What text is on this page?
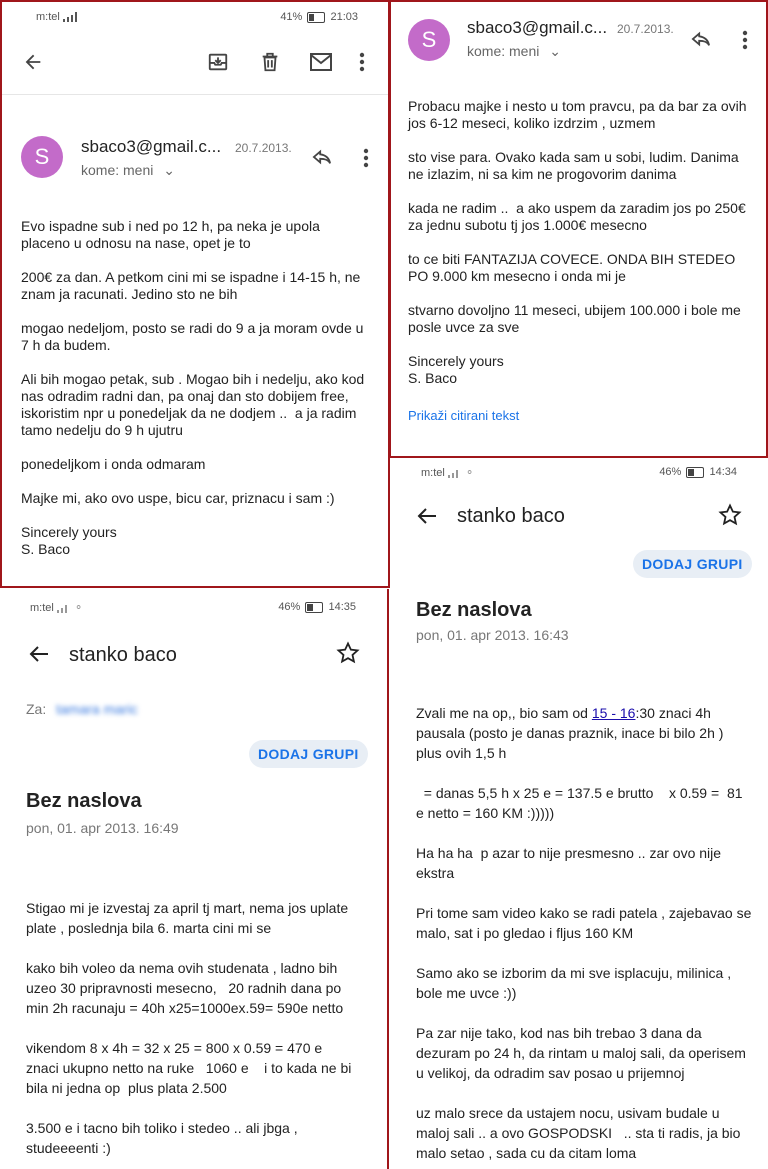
m:tel	41%	21:03
S	sbaco3@gmail.c... 20.7.2013.
kome: meni ⌄

Evo ispadne sub i ned po 12 h, pa neka je upola placeno u odnosu na nase, opet je to

200€ za dan. A petkom cini mi se ispadne i 14-15 h, ne znam ja racunati. Jedino sto ne bih

mogao nedeljom, posto se radi do 9 a ja moram ovde u 7 h da budem.

Ali bih mogao petak, sub . Mogao bih i nedelju, ako kod nas odradim radni dan, pa onaj dan sto dobijem free, iskoristim npr u ponedeljak da ne dodjem ..  a ja radim tamo nedelju do 9 h ujutru

ponedeljkom i onda odmaram

Majke mi, ako ovo uspe, bicu car, priznacu i sam :)

Sincerely yours
S. Baco
S	sbaco3@gmail.c... 20.7.2013.
kome: meni ⌄

Probacu majke i nesto u tom pravcu, pa da bar za ovih jos 6-12 meseci, koliko izdrzim , uzmem

sto vise para. Ovako kada sam u sobi, ludim. Danima ne izlazim, ni sa kim ne progovorim danima

kada ne radim ..  a ako uspem da zaradim jos po 250€ za jednu subotu tj jos 1.000€ mesecno

to ce biti FANTAZIJA COVECE. ONDA BIH STEDEO PO 9.000 km mesecno i onda mi je

stvarno dovoljno 11 meseci, ubijem 100.000 i bole me posle uvce za sve

Sincerely yours
S. Baco
Prikaži citirani tekst
m:tel ⚬	46%	14:35
stanko baco
Za: tamara maric
DODAJ GRUPI
Bez naslova
pon, 01. apr 2013. 16:49

Stigao mi je izvestaj za april tj mart, nema jos uplate plate , poslednja bila 6. marta cini mi se

kako bih voleo da nema ovih studenata , ladno bih uzeo 30 pripravnosti mesecno,   20 radnih dana po min 2h racunaju = 40h x25=1000ex.59= 590e netto

vikendom 8 x 4h = 32 x 25 = 800 x 0.59 = 470 e    znaci ukupno netto na ruke   1060 e    i to kada ne bi bila ni jedna op  plus plata 2.500

3.500 e i tacno bih toliko i stedeo .. ali jbga , studeeeenti :)

m:tel ⚬	46%	14:34
stanko baco
DODAJ GRUPI
Bez naslova
pon, 01. apr 2013. 16:43

Zvali me na op,, bio sam od 15 - 16:30 znaci 4h pausala (posto je danas praznik, inace bi bilo 2h ) plus ovih 1,5 h

= danas 5,5 h x 25 e = 137.5 e brutto    x 0.59 =  81 e netto = 160 KM :)))))

Ha ha ha  p azar to nije presmesno .. zar ovo nije ekstra

Pri tome sam video kako se radi patela , zajebavao se malo, sat i po gledao i fljus 160 KM

Samo ako se izborim da mi sve isplacuju, milinica , bole me uvce :))

Pa zar nije tako, kod nas bih trebao 3 dana da dezuram po 24 h, da rintam u maloj sali, da operisem u velikoj, da odradim sav posao u prijemnoj

uz malo srece da ustajem nocu, usivam budale u maloj sali .. a ovo GOSPODSKI   .. sta ti radis, ja bio malo setao , sada cu da citam loma
